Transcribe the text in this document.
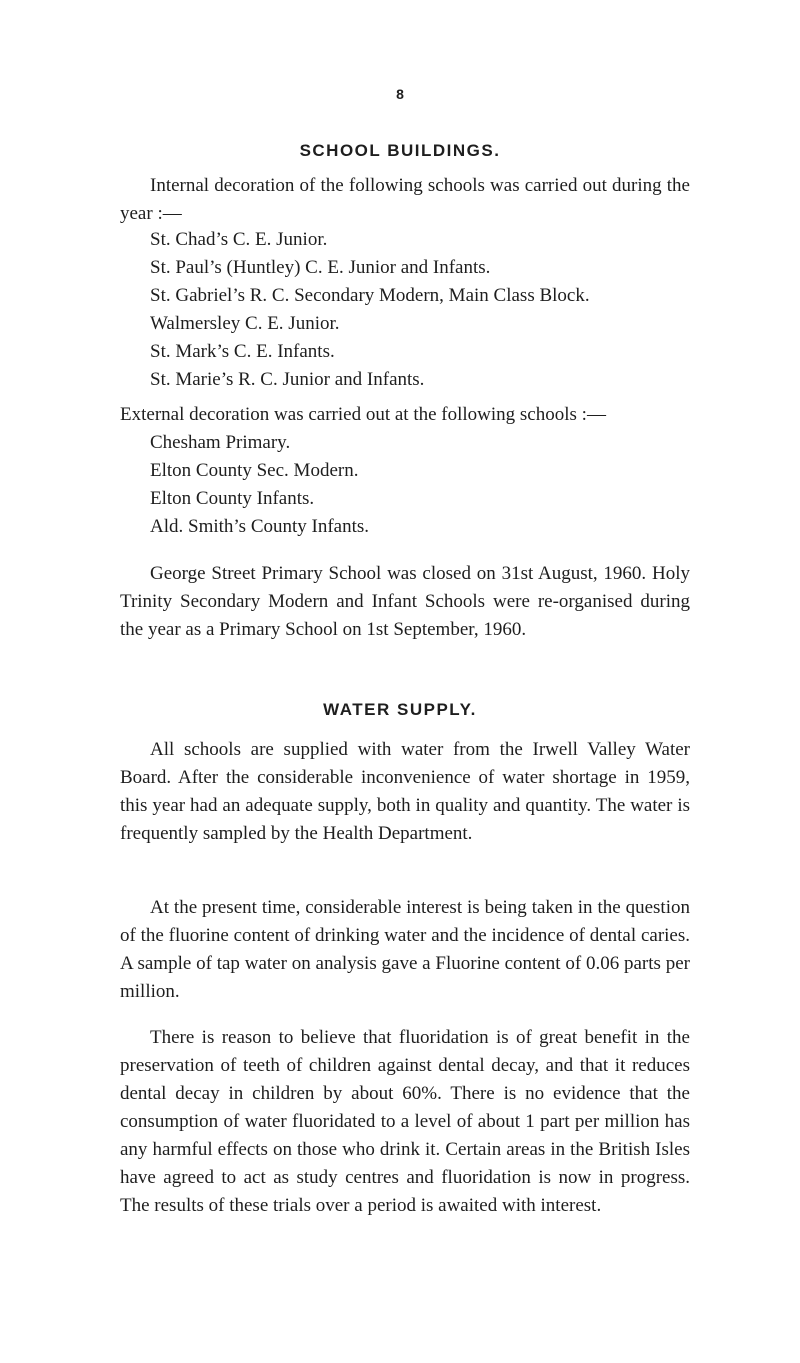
8
SCHOOL BUILDINGS.

Internal decoration of the following schools was carried out during the year :—

St. Chad’s C. E. Junior.
St. Paul’s (Huntley) C. E. Junior and Infants.
St. Gabriel’s R. C. Secondary Modern, Main Class Block.
Walmersley C. E. Junior.
St. Mark’s C. E. Infants.
St. Marie’s R. C. Junior and Infants.

External decoration was carried out at the following schools :—

Chesham Primary.
Elton County Sec. Modern.
Elton County Infants.
Ald. Smith’s County Infants.

George Street Primary School was closed on 31st August, 1960. Holy Trinity Secondary Modern and Infant Schools were re-organised during the year as a Primary School on 1st September, 1960.

WATER SUPPLY.

All schools are supplied with water from the Irwell Valley Water Board. After the considerable inconvenience of water shortage in 1959, this year had an adequate supply, both in quality and quantity. The water is frequently sampled by the Health Department.

At the present time, considerable interest is being taken in the question of the fluorine content of drinking water and the incidence of dental caries. A sample of tap water on analysis gave a Fluorine content of 0.06 parts per million.

There is reason to believe that fluoridation is of great benefit in the preservation of teeth of children against dental decay, and that it reduces dental decay in children by about 60%. There is no evidence that the consumption of water fluoridated to a level of about 1 part per million has any harmful effects on those who drink it. Certain areas in the British Isles have agreed to act as study centres and fluoridation is now in progress. The results of these trials over a period is awaited with interest.
